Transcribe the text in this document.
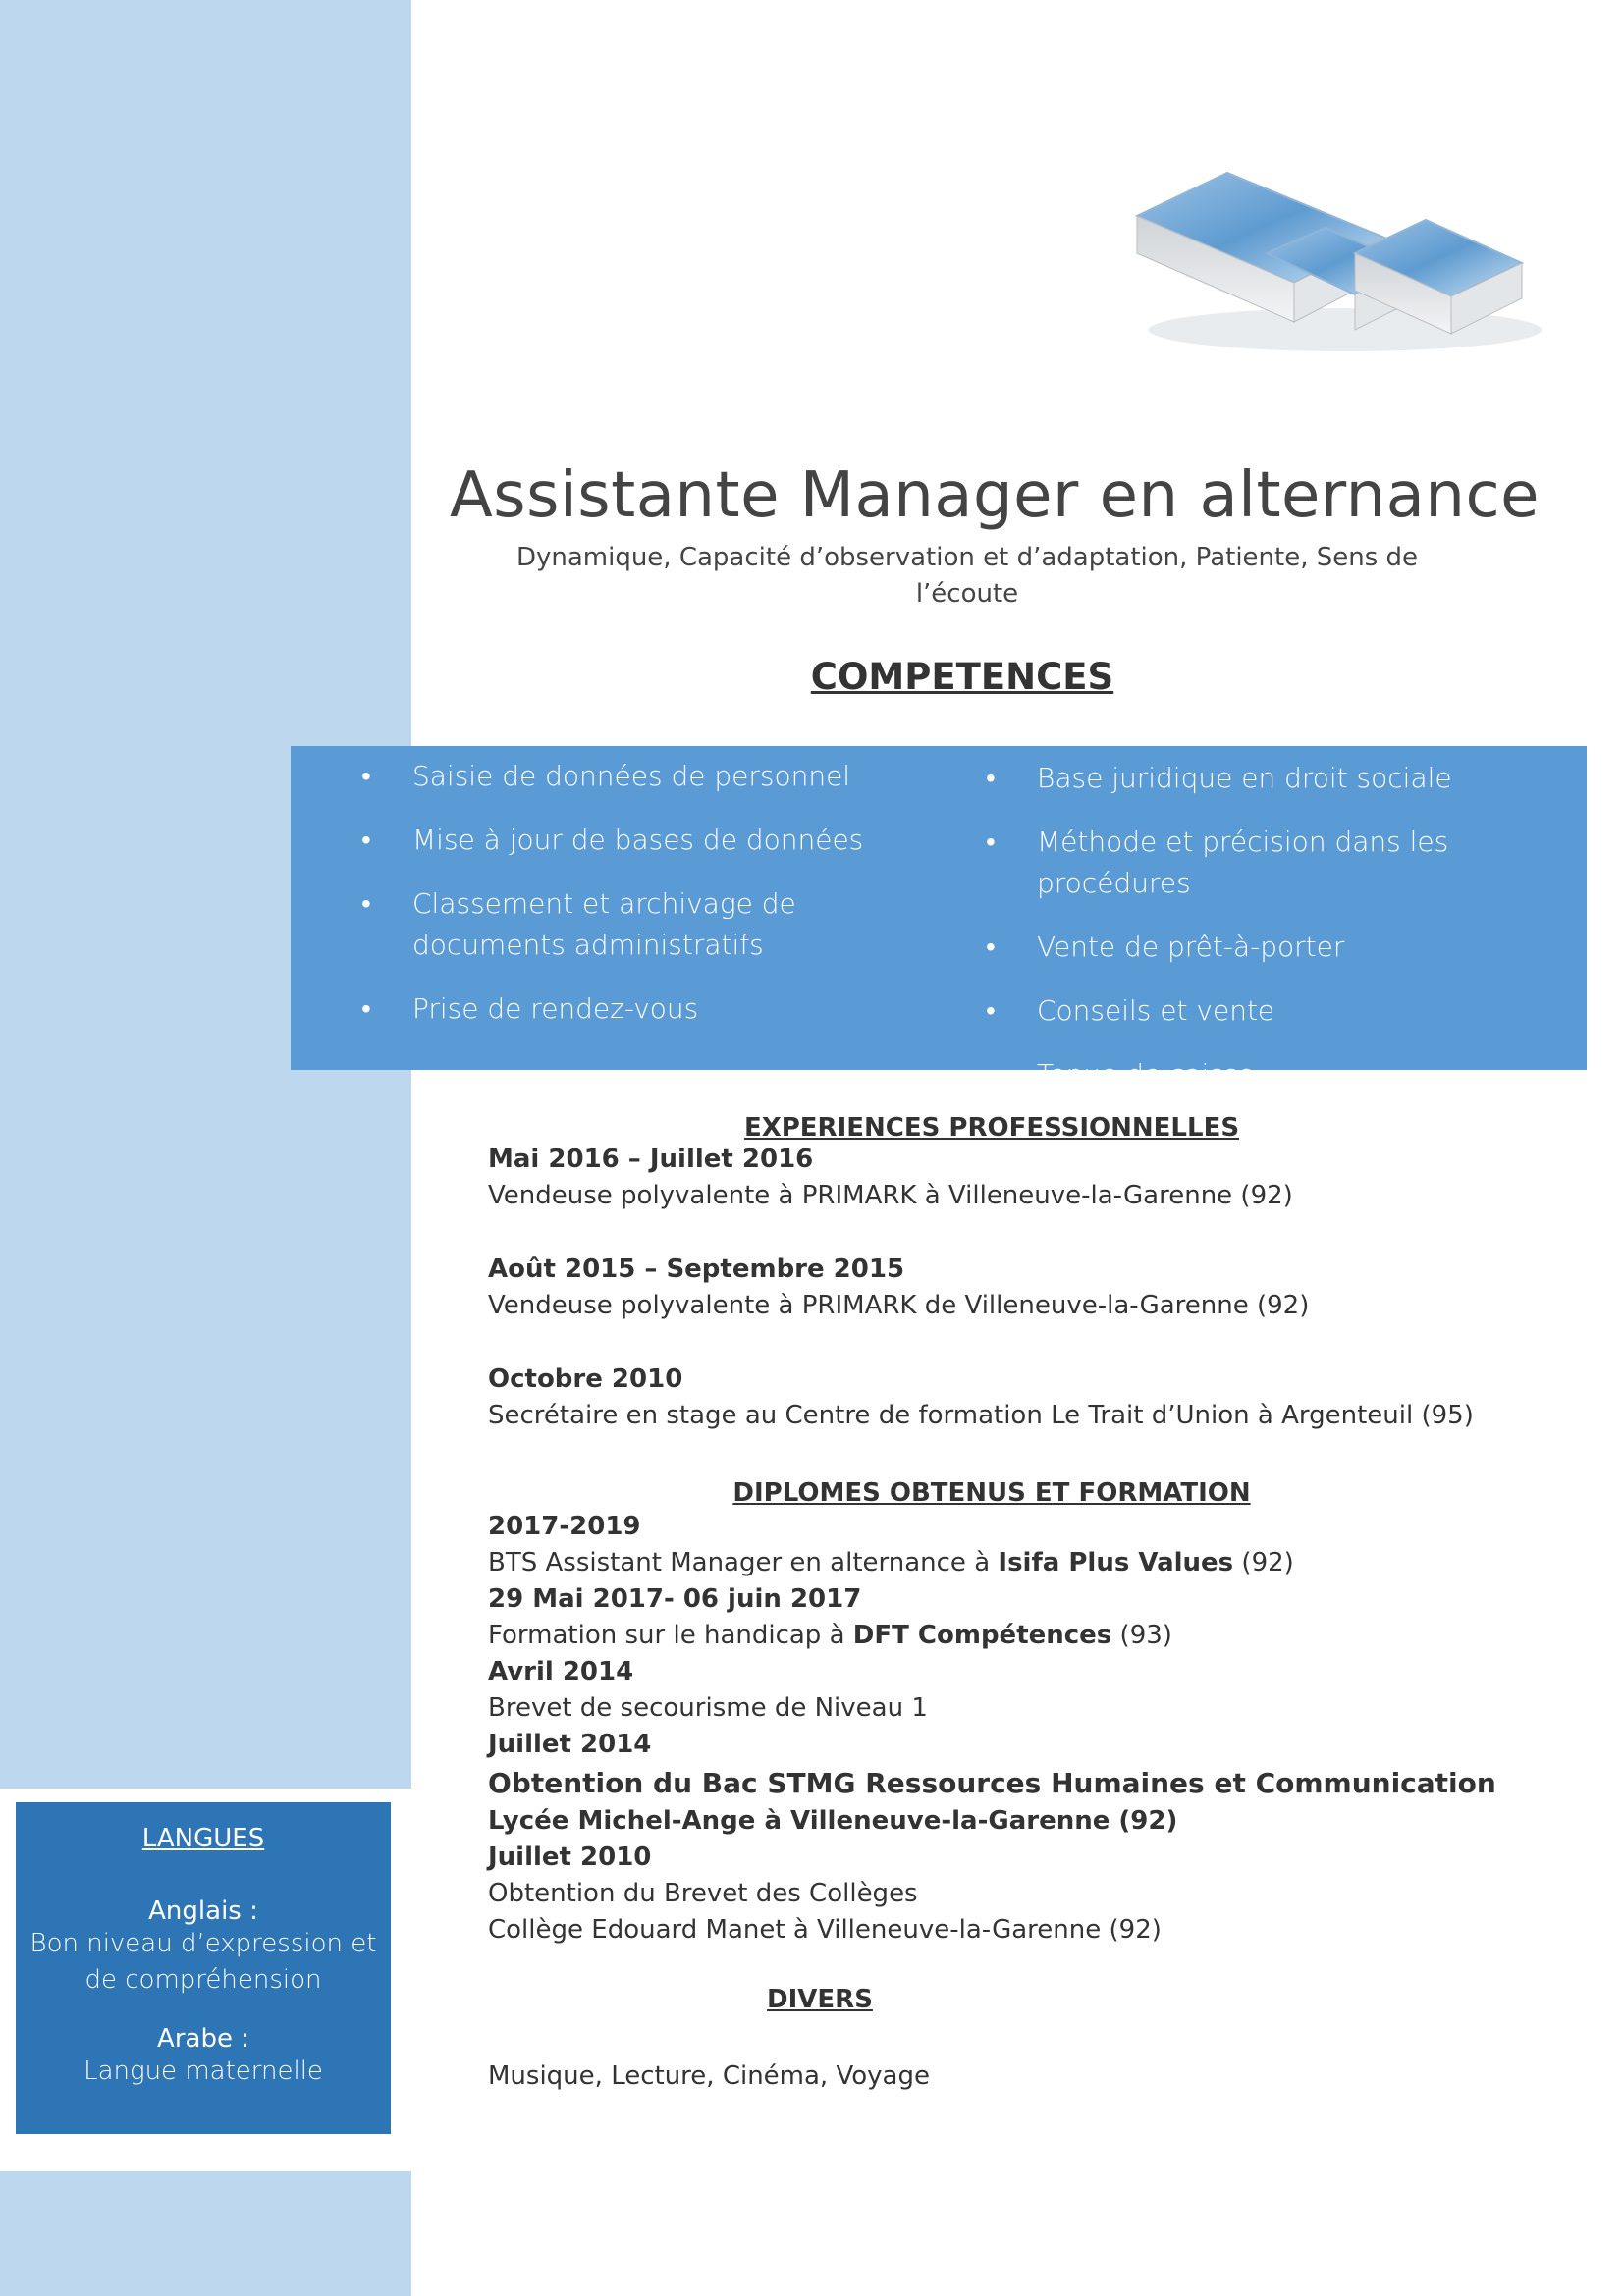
LANGUES
Anglais :
Bon niveau d’expression et de compréhension
Arabe :
Langue maternelle
Assistante Manager en alternance
Dynamique, Capacité d’observation et d’adaptation, Patiente, Sens de l’écoute
COMPETENCES
• Saisie de données de personnel
• Mise à jour de bases de données
• Classement et archivage de documents administratifs
• Prise de rendez-vous
• Base juridique en droit sociale
• Méthode et précision dans les procédures
• Vente de prêt-à-porter
• Conseils et vente
• Tenue de caisse
EXPERIENCES PROFESSIONNELLES
Mai 2016 – Juillet 2016
Vendeuse polyvalente à PRIMARK à Villeneuve-la-Garenne (92)
Août 2015 – Septembre 2015
Vendeuse polyvalente à PRIMARK de Villeneuve-la-Garenne (92)
Octobre 2010
Secrétaire en stage au Centre de formation Le Trait d’Union à Argenteuil (95)
DIPLOMES OBTENUS ET FORMATION
2017-2019
BTS Assistant Manager en alternance à Isifa Plus Values (92)
29 Mai 2017- 06 juin 2017
Formation sur le handicap à DFT Compétences (93)
Avril 2014
Brevet de secourisme de Niveau 1
Juillet 2014
Obtention du Bac STMG Ressources Humaines et Communication
Lycée Michel-Ange à Villeneuve-la-Garenne (92)
Juillet 2010
Obtention du Brevet des Collèges
Collège Edouard Manet à Villeneuve-la-Garenne (92)
DIVERS
Musique, Lecture, Cinéma, Voyage
